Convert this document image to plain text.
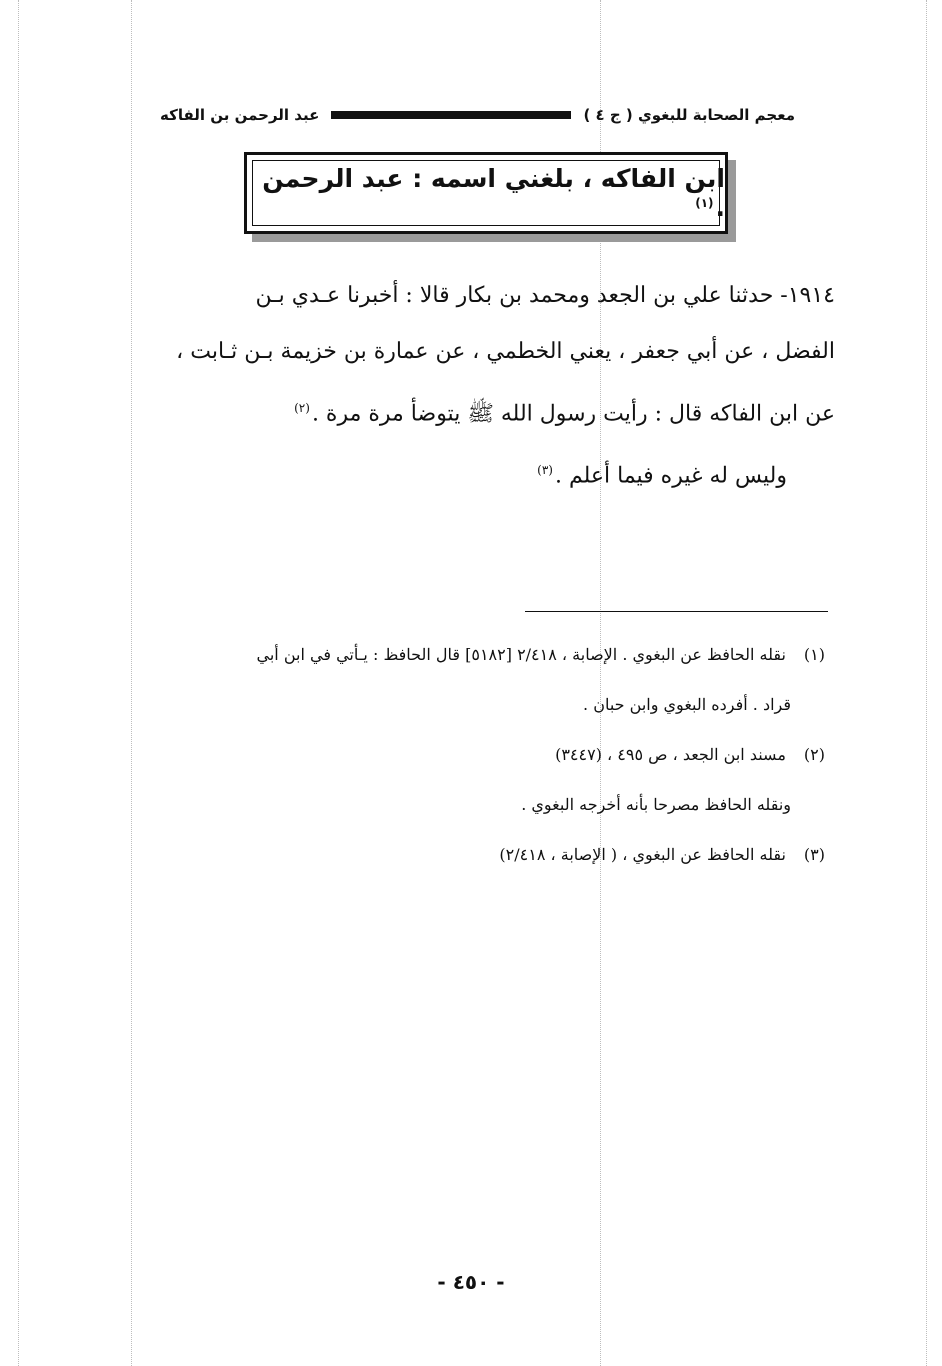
معجم الصحابة للبغوي ( ج ٤ )
عبد الرحمن بن الفاكه
ابن الفاكه ، بلغني اسمه : عبد الرحمن .$^{(١)}$

١٩١٤- حدثنا علي بن الجعد ومحمد بن بكار قالا : أخبرنا عـدي بـن

الفضل ، عن أبي جعفر ، يعني الخطمي ، عن عمارة بن خزيمة بـن ثـابت ،

عن ابن الفاكه قال : رأيت رسول الله ﷺ يتوضأ مرة مرة .$^{(٢)}$

وليس له غيره فيما أعلم .$^{(٣)}$

(١) نقله الحافظ عن البغوي . الإصابة ، ٢/٤١٨ [٥١٨٢] قال الحافظ : يـأتي في ابن أبي

قراد . أفرده البغوي وابن حبان .

(٢) مسند ابن الجعد ، ص ٤٩٥ ، (٣٤٤٧)

ونقله الحافظ مصرحا بأنه أخرجه البغوي .

(٣) نقله الحافظ عن البغوي ، ( الإصابة ، ٢/٤١٨)

- ٤٥٠ -
